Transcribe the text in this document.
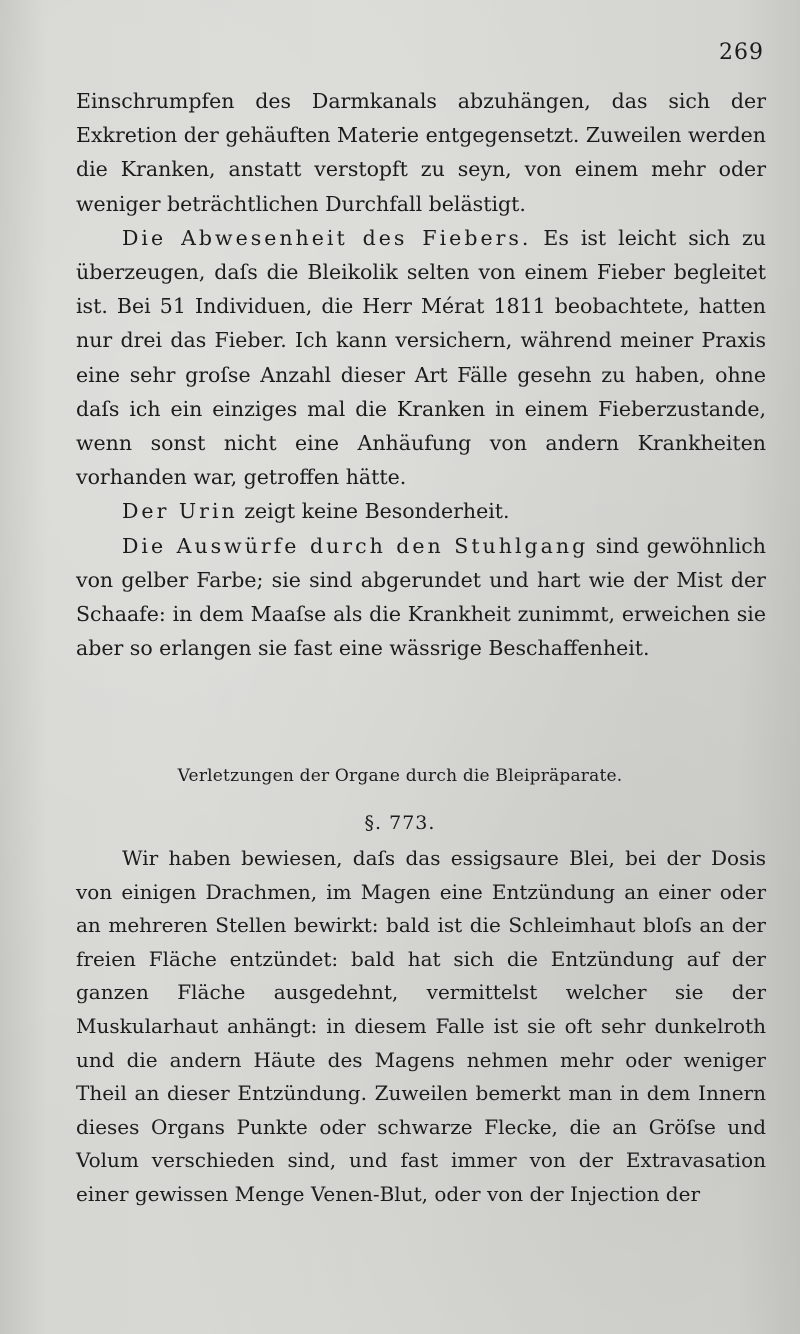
269

Einschrumpfen des Darmkanals abzuhängen, das sich der Exkretion der gehäuften Materie entgegensetzt. Zuweilen werden die Kranken, anstatt verstopft zu seyn, von einem mehr oder weniger beträchtlichen Durchfall belästigt.

Die Abwesenheit des Fiebers. Es ist leicht sich zu überzeugen, daſs die Bleikolik selten von einem Fieber begleitet ist. Bei 51 Individuen, die Herr Mérat 1811 beobachtete, hatten nur drei das Fieber. Ich kann versichern, während meiner Praxis eine sehr groſse Anzahl dieser Art Fälle gesehn zu haben, ohne daſs ich ein einziges mal die Kranken in einem Fieberzustande, wenn sonst nicht eine Anhäufung von andern Krankheiten vorhanden war, getroffen hätte.

Der Urin zeigt keine Besonderheit.

Die Auswürfe durch den Stuhlgang sind gewöhnlich von gelber Farbe; sie sind abgerundet und hart wie der Mist der Schaafe: in dem Maaſse als die Krankheit zunimmt, erweichen sie aber so erlangen sie fast eine wässrige Beschaffenheit.

Verletzungen der Organe durch die Bleipräparate.
§. 773.

Wir haben bewiesen, daſs das essigsaure Blei, bei der Dosis von einigen Drachmen, im Magen eine Entzündung an einer oder an mehreren Stellen bewirkt: bald ist die Schleimhaut bloſs an der freien Fläche entzündet: bald hat sich die Entzündung auf der ganzen Fläche ausgedehnt, vermittelst welcher sie der Muskularhaut anhängt: in diesem Falle ist sie oft sehr dunkelroth und die andern Häute des Magens nehmen mehr oder weniger Theil an dieser Entzündung. Zuweilen bemerkt man in dem Innern dieses Organs Punkte oder schwarze Flecke, die an Gröſse und Volum verschieden sind, und fast immer von der Extravasation einer gewissen Menge Venen-Blut, oder von der Injection der
